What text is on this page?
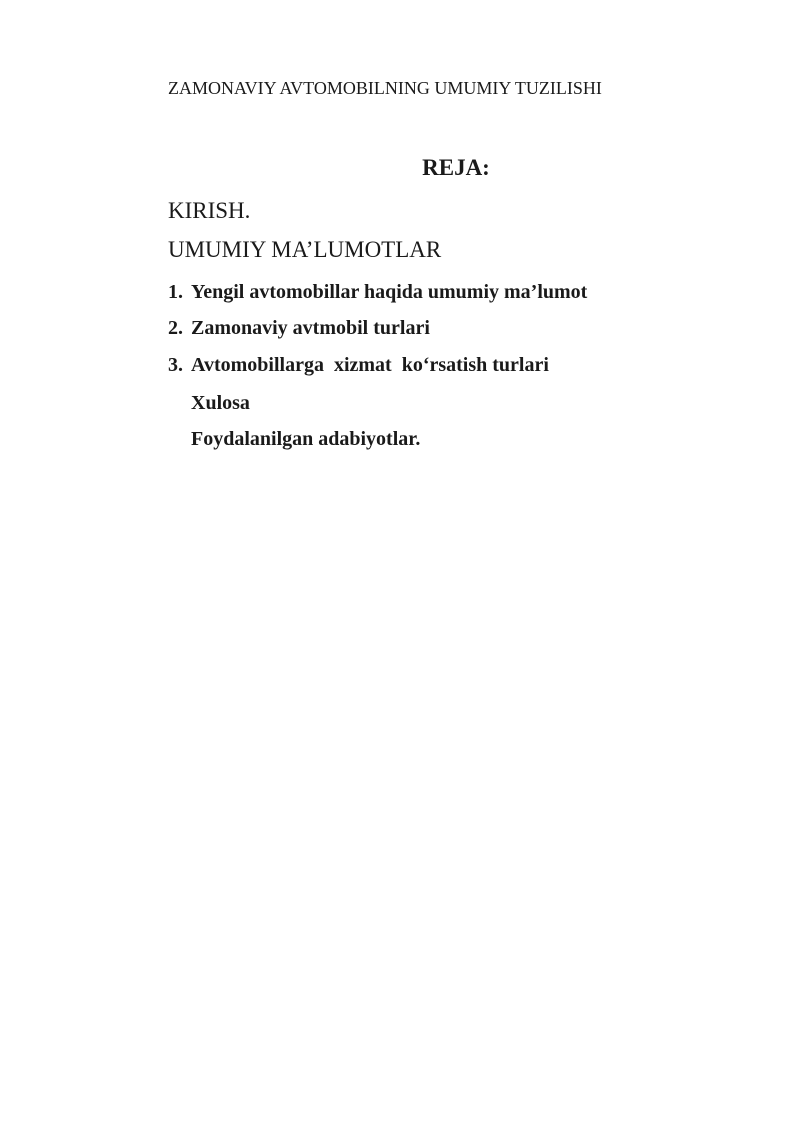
ZAMONAVIY AVTOMOBILNING UMUMIY TUZILISHI
REJA:
KIRISH.
UMUMIY MA’LUMOTLAR
1. Yengil avtomobillar haqida umumiy ma’lumot
2. Zamonaviy avtmobil turlari
3. Avtomobillarga  xizmat  ko‘rsatish turlari
Xulosa
Foydalanilgan adabiyotlar.
